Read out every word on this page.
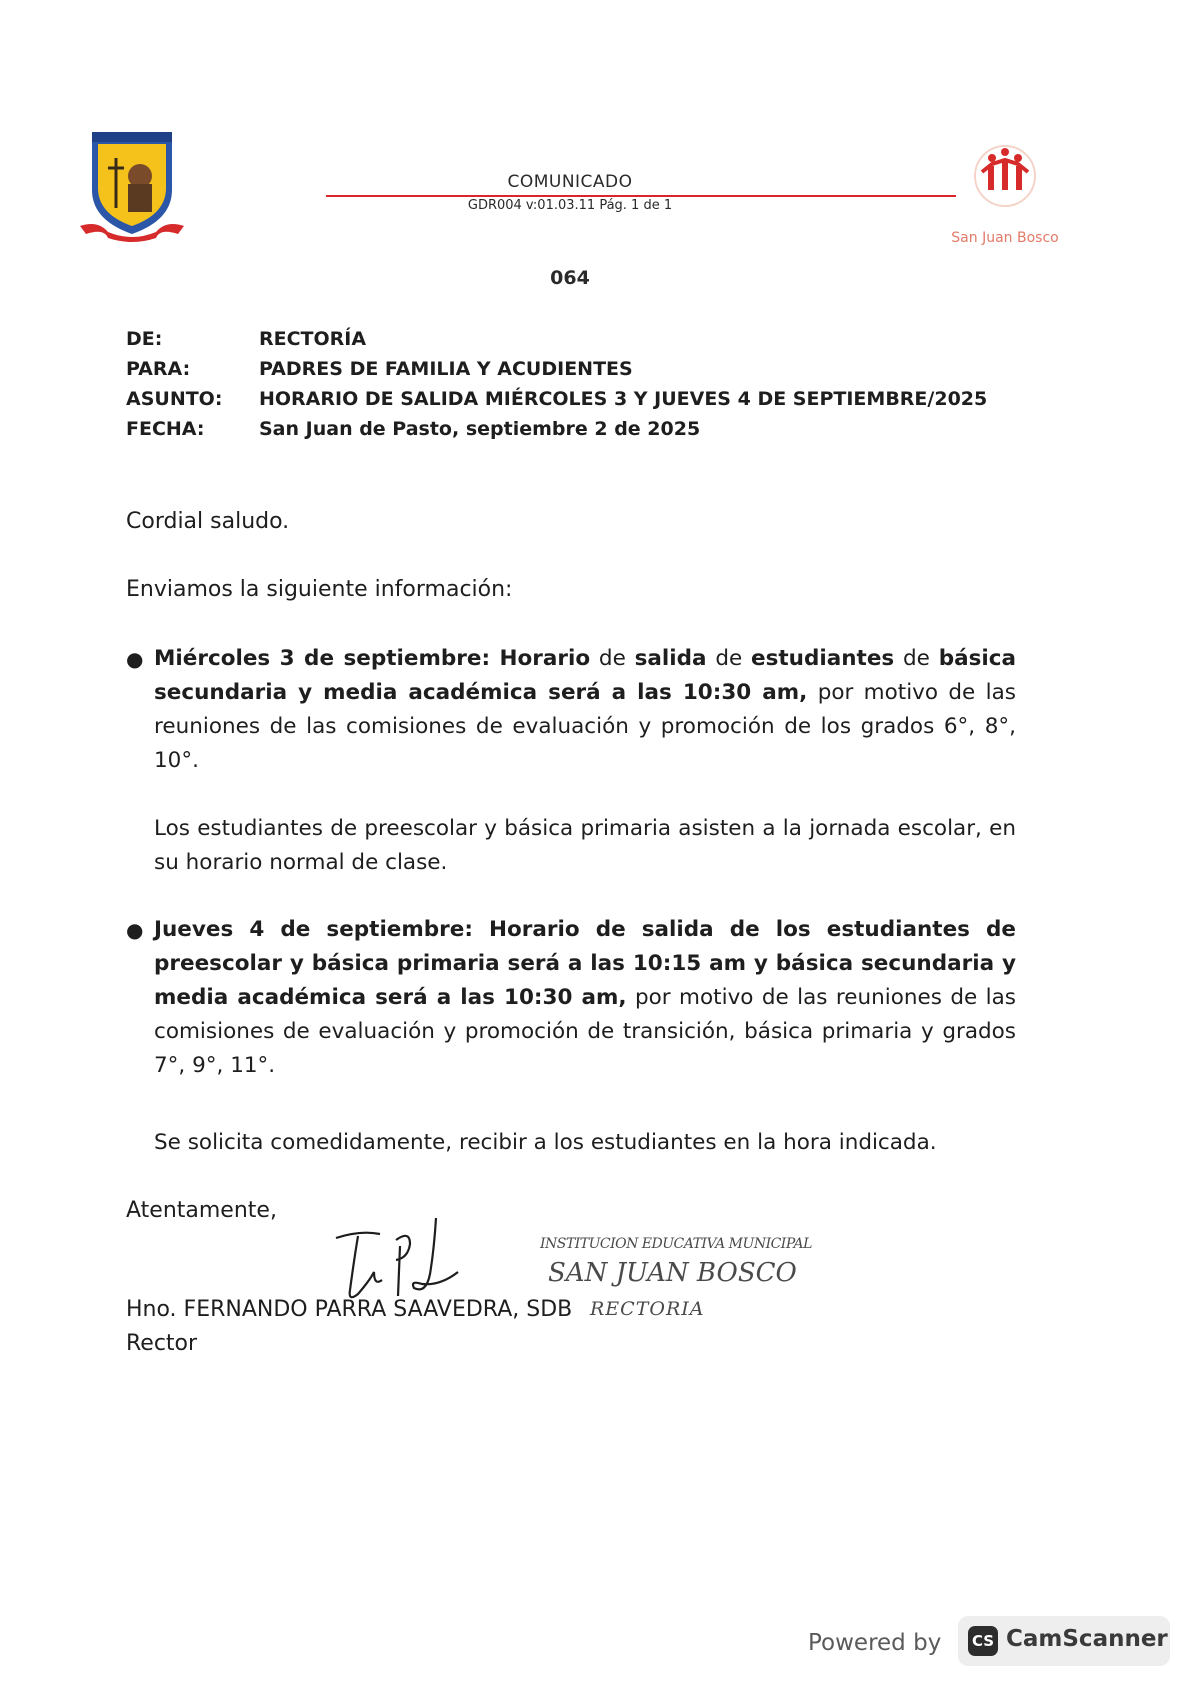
San Juan Bosco
COMUNICADO
GDR004 v:01.03.11 Pág. 1 de 1
064
DE:	RECTORÍA
PARA:	PADRES DE FAMILIA Y ACUDIENTES
ASUNTO: HORARIO DE SALIDA MIÉRCOLES 3 Y JUEVES 4 DE SEPTIEMBRE/2025
FECHA:	San Juan de Pasto, septiembre 2 de 2025
Cordial saludo.
Enviamos la siguiente información:
● Miércoles 3 de septiembre: Horario de salida de estudiantes de básica secundaria y media académica será a las 10:30 am, por motivo de las reuniones de las comisiones de evaluación y promoción de los grados 6°, 8°, 10°.
Los estudiantes de preescolar y básica primaria asisten a la jornada escolar, en su horario normal de clase.
● Jueves 4 de septiembre: Horario de salida de los estudiantes de preescolar y básica primaria será a las 10:15 am y básica secundaria y media académica será a las 10:30 am, por motivo de las reuniones de las comisiones de evaluación y promoción de transición, básica primaria y grados 7°, 9°, 11°.
Se solicita comedidamente, recibir a los estudiantes en la hora indicada.
Atentamente,
INSTITUCION EDUCATIVA MUNICIPAL
SAN JUAN BOSCO
RECTORIA
Hno. FERNANDO PARRA SAAVEDRA, SDB
Rector
Powered by CS CamScanner
